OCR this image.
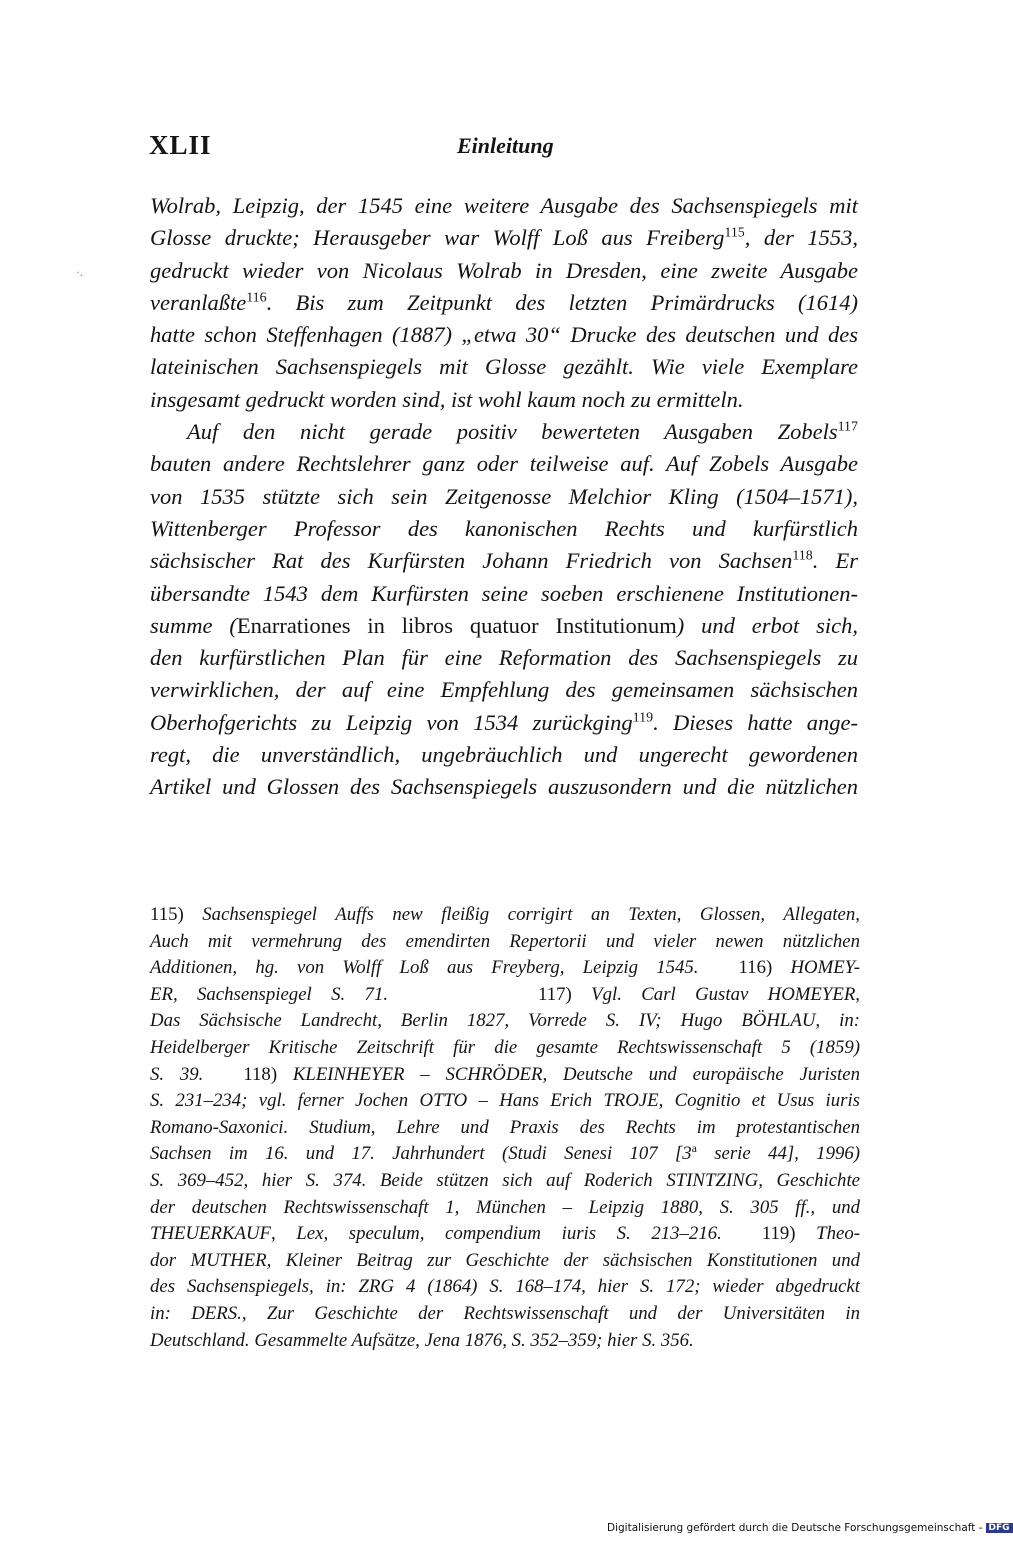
XLII	Einleitung
·.
Wolrab, Leipzig, der 1545 eine weitere Ausgabe des Sachsenspiegels mit
Glosse druckte; Herausgeber war Wolff Loß aus Freiberg$^{115}$, der 1553,
gedruckt wieder von Nicolaus Wolrab in Dresden, eine zweite Ausgabe
veranlaßte$^{116}$. Bis zum Zeitpunkt des letzten Primärdrucks (1614)
hatte schon Steffenhagen (1887) „etwa 30“ Drucke des deutschen und des
lateinischen Sachsenspiegels mit Glosse gezählt. Wie viele Exemplare
insgesamt gedruckt worden sind, ist wohl kaum noch zu ermitteln.
Auf den nicht gerade positiv bewerteten Ausgaben Zobels$^{117}$
bauten andere Rechtslehrer ganz oder teilweise auf. Auf Zobels Ausgabe
von 1535 stützte sich sein Zeitgenosse Melchior Kling (1504–1571),
Wittenberger Professor des kanonischen Rechts und kurfürstlich
sächsischer Rat des Kurfürsten Johann Friedrich von Sachsen$^{118}$. Er
übersandte 1543 dem Kurfürsten seine soeben erschienene Institutionen-
summe (Enarrationes in libros quatuor Institutionum) und erbot sich,
den kurfürstlichen Plan für eine Reformation des Sachsenspiegels zu
verwirklichen, der auf eine Empfehlung des gemeinsamen sächsischen
Oberhofgerichts zu Leipzig von 1534 zurückging$^{119}$. Dieses hatte ange-
regt, die unverständlich, ungebräuchlich und ungerecht gewordenen
Artikel und Glossen des Sachsenspiegels auszusondern und die nützlichen
115) Sachsenspiegel Auffs new fleißig corrigirt an Texten, Glossen, Allegaten,
Auch mit vermehrung des emendirten Repertorii und vieler newen nützlichen
Additionen, hg. von Wolff Loß aus Freyberg, Leipzig 1545. 116) HOMEY-
ER, Sachsenspiegel S. 71.	117) Vgl. Carl Gustav HOMEYER,
Das Sächsische Landrecht, Berlin 1827, Vorrede S. IV; Hugo BÖHLAU, in:
Heidelberger Kritische Zeitschrift für die gesamte Rechtswissenschaft 5 (1859)
S. 39. 118) KLEINHEYER – SCHRÖDER, Deutsche und europäische Juristen
S. 231–234; vgl. ferner Jochen OTTO – Hans Erich TROJE, Cognitio et Usus iuris
Romano-Saxonici. Studium, Lehre und Praxis des Rechts im protestantischen
Sachsen im 16. und 17. Jahrhundert (Studi Senesi 107 [3$^a$ serie 44], 1996)
S. 369–452, hier S. 374. Beide stützen sich auf Roderich STINTZING, Geschichte
der deutschen Rechtswissenschaft 1, München – Leipzig 1880, S. 305 ff., und
THEUERKAUF, Lex, speculum, compendium iuris S. 213–216. 119) Theo-
dor MUTHER, Kleiner Beitrag zur Geschichte der sächsischen Konstitutionen und
des Sachsenspiegels, in: ZRG 4 (1864) S. 168–174, hier S. 172; wieder abgedruckt
in: DERS., Zur Geschichte der Rechtswissenschaft und der Universitäten in
Deutschland. Gesammelte Aufsätze, Jena 1876, S. 352–359; hier S. 356.
Digitalisierung gefördert durch die Deutsche Forschungsgemeinschaft - DFG
